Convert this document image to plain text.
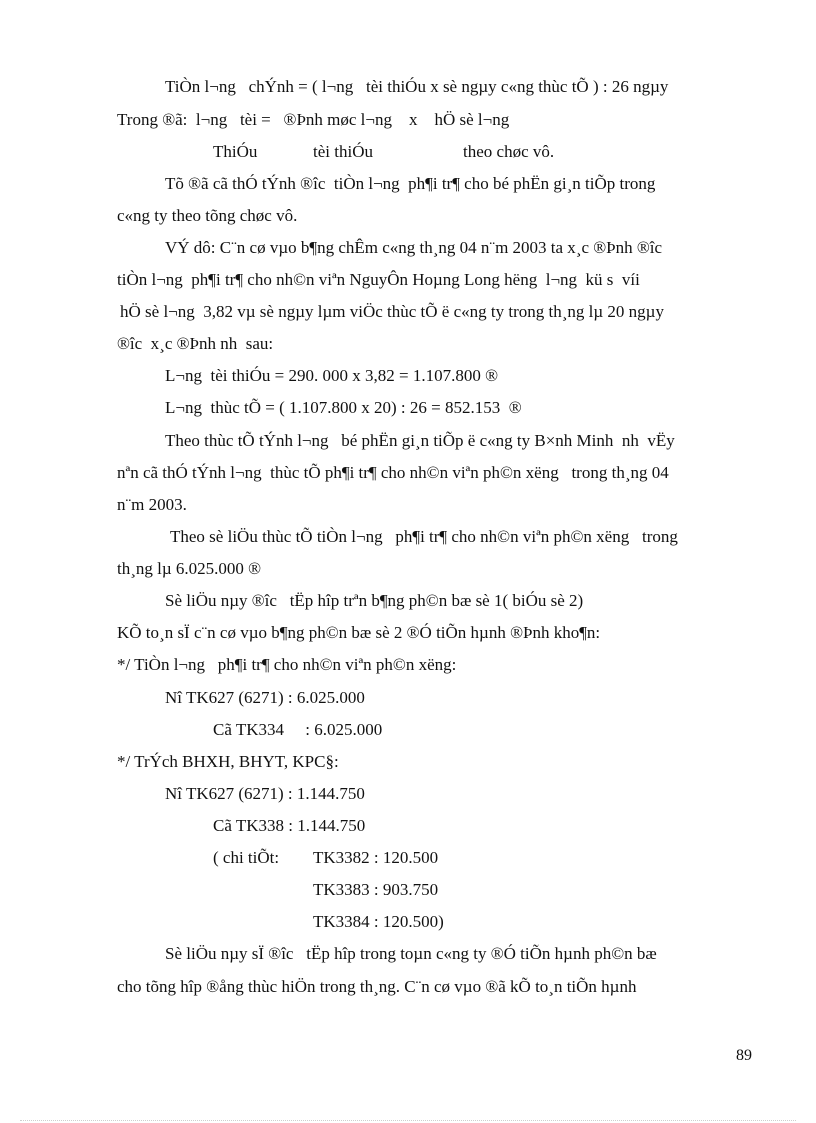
TiÒn l¬ng   chÝnh = ( l¬ng   tèi thiÓu x sè ngµy c«ng thùc tÕ ) : 26 ngµy
Trong ®ã:  l¬ng   tèi =   ®Þnh møc l¬ng    x    hÖ sè l¬ng
ThiÓu	tèi thiÓu	theo chøc vô.
Tõ ®ã cã thÓ tÝnh ®îc  tiÒn l¬ng  ph¶i tr¶ cho bé phËn gi¸n tiÕp trong
c«ng ty theo tõng chøc vô.
VÝ dô: C¨n cø vµo b¶ng chÊm c«ng th¸ng 04 n¨m 2003 ta x¸c ®Þnh ®îc
tiÒn l¬ng  ph¶i tr¶ cho nh©n viªn NguyÔn Hoµng Long hëng  l¬ng  kü s  víi
hÖ sè l¬ng  3,82 vµ sè ngµy lµm viÖc thùc tÕ ë c«ng ty trong th¸ng lµ 20 ngµy
®îc  x¸c ®Þnh nh  sau:
L¬ng  tèi thiÓu = 290. 000 x 3,82 = 1.107.800 ®
L¬ng  thùc tÕ = ( 1.107.800 x 20) : 26 = 852.153  ®
Theo thùc tÕ tÝnh l¬ng   bé phËn gi¸n tiÕp ë c«ng ty B×nh Minh  nh  vËy
nªn cã thÓ tÝnh l¬ng  thùc tÕ ph¶i tr¶ cho nh©n viªn ph©n xëng   trong th¸ng 04
n¨m 2003.
Theo sè liÖu thùc tÕ tiÒn l¬ng   ph¶i tr¶ cho nh©n viªn ph©n xëng   trong
th¸ng lµ 6.025.000 ®
Sè liÖu nµy ®îc   tËp hîp trªn b¶ng ph©n bæ sè 1( biÓu sè 2)
KÕ to¸n sÏ c¨n cø vµo b¶ng ph©n bæ sè 2 ®Ó tiÕn hµnh ®Þnh kho¶n:
*/ TiÒn l¬ng   ph¶i tr¶ cho nh©n viªn ph©n xëng:
Nî TK627 (6271) : 6.025.000
Cã TK334     : 6.025.000
*/ TrÝch BHXH, BHYT, KPC§:
Nî TK627 (6271) : 1.144.750
Cã TK338 : 1.144.750
( chi tiÕt: TK3382 : 120.500
TK3383 : 903.750
TK3384 : 120.500)
Sè liÖu nµy sÏ ®îc   tËp hîp trong toµn c«ng ty ®Ó tiÕn hµnh ph©n bæ
cho tõng hîp ®ång thùc hiÖn trong th¸ng. C¨n cø vµo ®ã kÕ to¸n tiÕn hµnh
89
